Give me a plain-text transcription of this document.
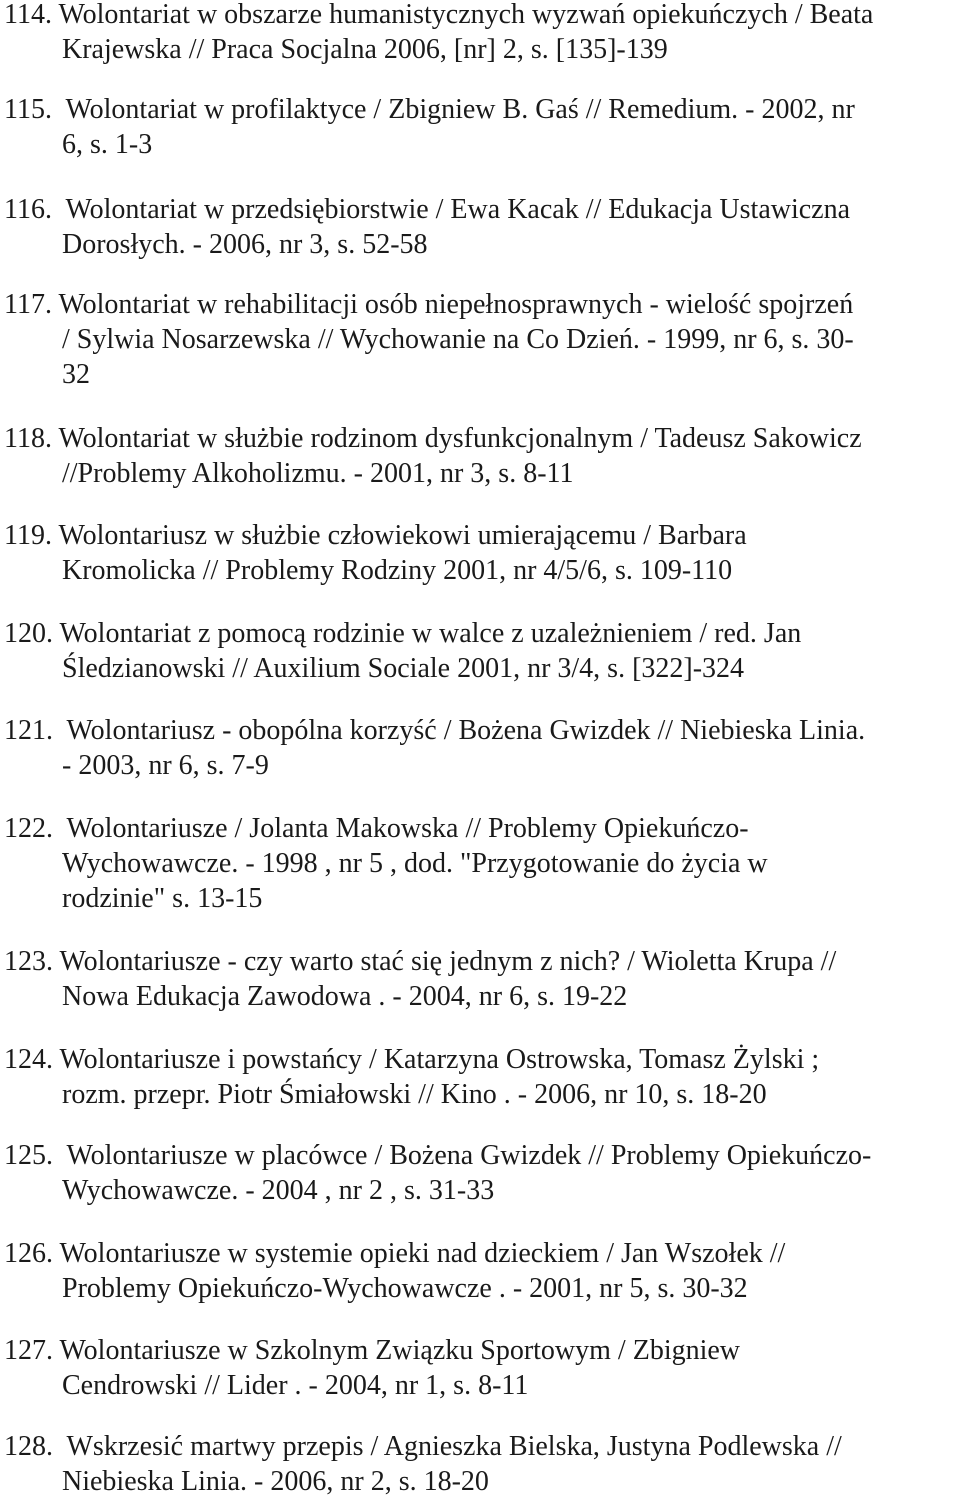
114. Wolontariat w obszarze humanistycznych wyzwań opiekuńczych / Beata
Krajewska // Praca Socjalna 2006, [nr] 2, s. [135]-139
115.  Wolontariat w profilaktyce / Zbigniew B. Gaś // Remedium. - 2002, nr
6, s. 1-3
116.  Wolontariat w przedsiębiorstwie / Ewa Kacak // Edukacja Ustawiczna
Dorosłych. - 2006, nr 3, s. 52-58
117. Wolontariat w rehabilitacji osób niepełnosprawnych - wielość spojrzeń
/ Sylwia Nosarzewska // Wychowanie na Co Dzień. - 1999, nr 6, s. 30-
32
118. Wolontariat w służbie rodzinom dysfunkcjonalnym / Tadeusz Sakowicz
//Problemy Alkoholizmu. - 2001, nr 3, s. 8-11
119. Wolontariusz w służbie człowiekowi umierającemu / Barbara
Kromolicka // Problemy Rodziny 2001, nr 4/5/6, s. 109-110
120. Wolontariat z pomocą rodzinie w walce z uzależnieniem / red. Jan
Śledzianowski // Auxilium Sociale 2001, nr 3/4, s. [322]-324
121.  Wolontariusz - obopólna korzyść / Bożena Gwizdek // Niebieska Linia.
- 2003, nr 6, s. 7-9
122.  Wolontariusze / Jolanta Makowska // Problemy Opiekuńczo-
Wychowawcze. - 1998 , nr 5 , dod. "Przygotowanie do życia w
rodzinie" s. 13-15
123. Wolontariusze - czy warto stać się jednym z nich? / Wioletta Krupa //
Nowa Edukacja Zawodowa . - 2004, nr 6, s. 19-22
124. Wolontariusze i powstańcy / Katarzyna Ostrowska, Tomasz Żylski ;
rozm. przepr. Piotr Śmiałowski // Kino . - 2006, nr 10, s. 18-20
125.  Wolontariusze w placówce / Bożena Gwizdek // Problemy Opiekuńczo-
Wychowawcze. - 2004 , nr 2 , s. 31-33
126. Wolontariusze w systemie opieki nad dzieckiem / Jan Wszołek //
Problemy Opiekuńczo-Wychowawcze . - 2001, nr 5, s. 30-32
127. Wolontariusze w Szkolnym Związku Sportowym / Zbigniew
Cendrowski // Lider . - 2004, nr 1, s. 8-11
128.  Wskrzesić martwy przepis / Agnieszka Bielska, Justyna Podlewska //
Niebieska Linia. - 2006, nr 2, s. 18-20
